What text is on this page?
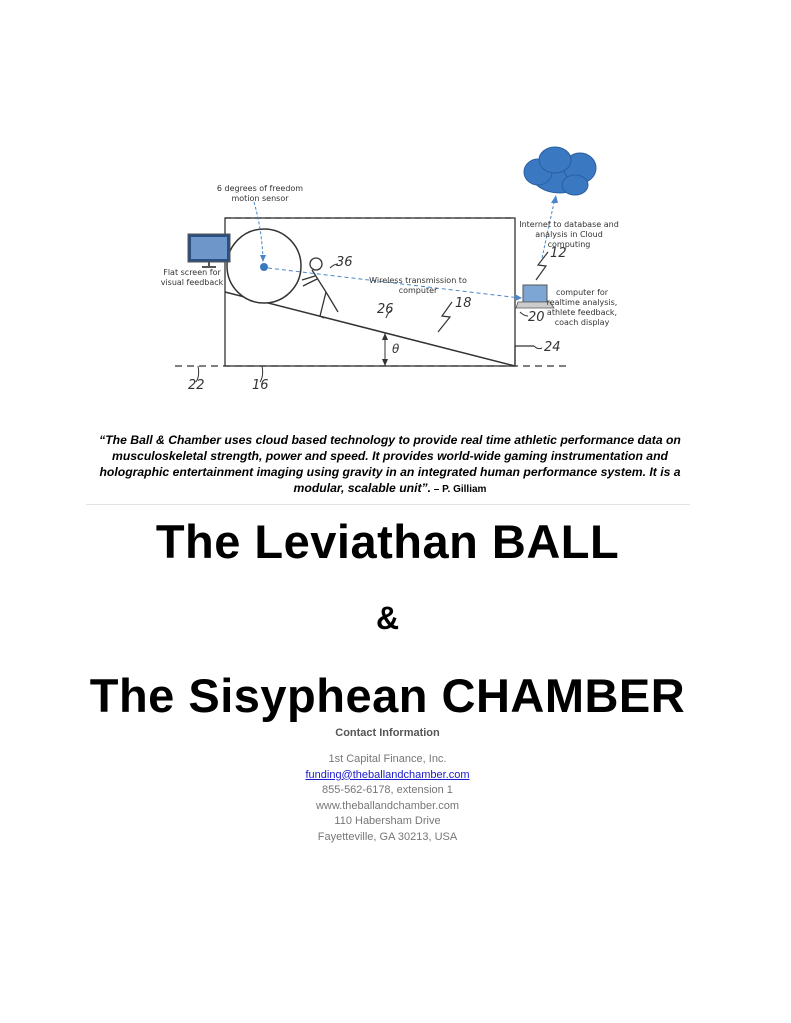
6 degrees of freedom motion sensor
Flat screen for visual feedback	Wireless transmission to computer
Internet to database and analysis in Cloud computing
computer for realtime analysis, athlete feedback, coach display
36
26	18
12
20
24
22	16
θ
“The Ball & Chamber uses cloud based technology to provide real time athletic performance data on musculoskeletal strength, power and speed. It provides world-wide gaming instrumentation and holographic entertainment imaging using gravity in an integrated human performance system. It is a modular, scalable unit”. – P. Gilliam
The Leviathan BALL
&
The Sisyphean CHAMBER
Contact Information
1st Capital Finance, Inc.
funding@theballandchamber.com
855-562-6178, extension 1
www.theballandchamber.com
110 Habersham Drive
Fayetteville, GA 30213, USA
